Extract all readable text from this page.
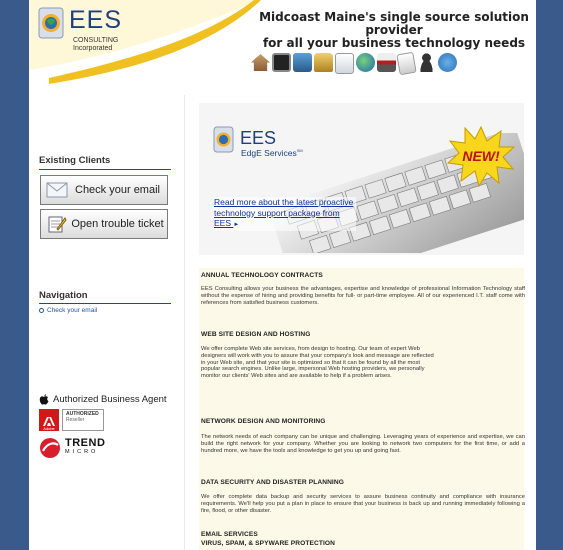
EES
CONSULTING
Incorporated
Midcoast Maine's single source solution provider
for all your business technology needs
Existing Clients
Check your email
Open trouble ticket
Navigation
Check your email
Authorized Business Agent
Adobe
AUTHORIZED
Reseller
TREND
MICRO
EES
EdgE Services℠	NEW!
Read more about the latest proactive technology support package from EES ►
ANNUAL TECHNOLOGY CONTRACTS
EES Consulting allows your business the advantages, expertise and knowledge of professional Information Technology staff without the expense of hiring and providing benefits for full- or part-time employee. All of our experienced I.T. staff come with references from satisfied business customers.
WEB SITE DESIGN AND HOSTING
We offer complete Web site services, from design to hosting. Our team of expert Web designers will work with you to assure that your company's look and message are reflected in your Web site, and that your site is optimized so that it can be found by all the most popular search engines. Unlike large, impersonal Web hosting providers, we personally monitor our clients' Web sites and are available to help if a problem arises.
NETWORK DESIGN AND MONITORING
The network needs of each company can be unique and challenging. Leveraging years of experience and expertise, we can build the right network for your company. Whether you are looking to network two computers for the first time, or add a hundred more, we have the tools and knowledge to get you up and going fast.
DATA SECURITY AND DISASTER PLANNING
We offer complete data backup and security services to assure business continuity and compliance with insurance requirements. We'll help you put a plan in place to ensure that your business is back up and running immediately following a fire, flood, or other disaster.
EMAIL SERVICES
VIRUS, SPAM, & SPYWARE PROTECTION
